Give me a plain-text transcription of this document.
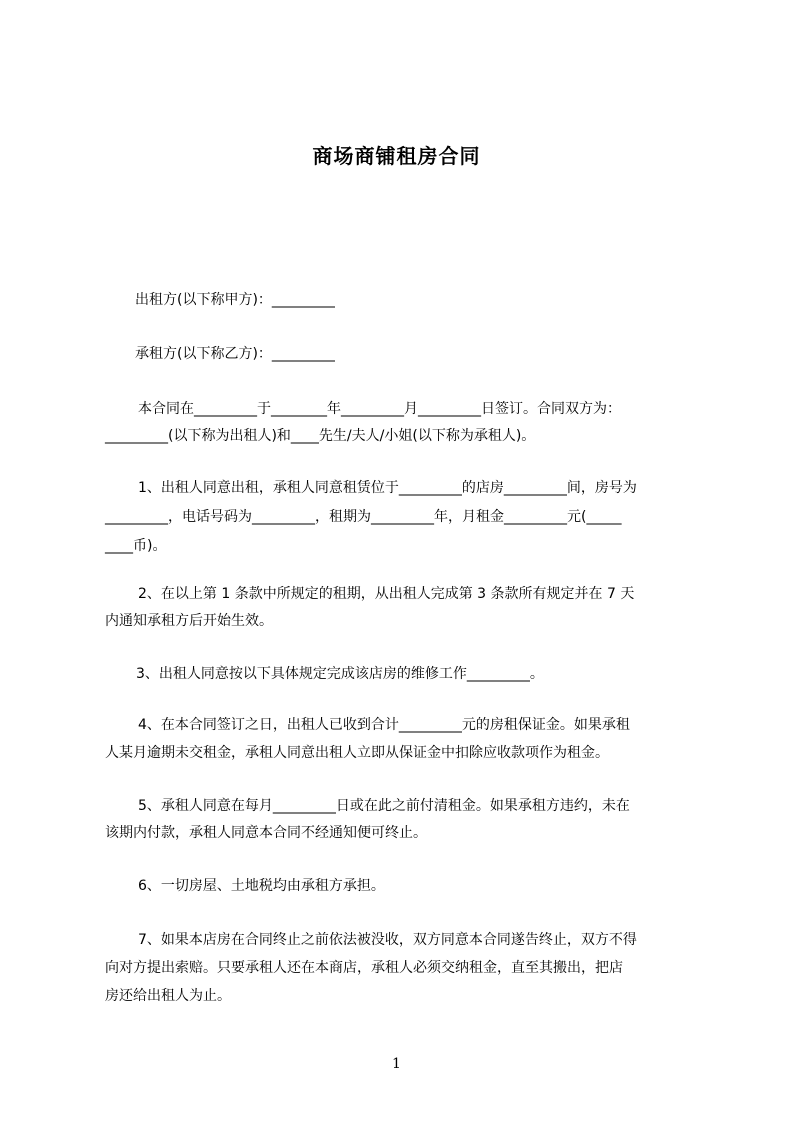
商场商铺租房合同

出租方(以下称甲方)：_________

承租方(以下称乙方)：_________

本合同在_________于________年_________月_________日签订。合同双方为：

_________(以下称为出租人)和____先生/夫人/小姐(以下称为承租人)。

1、出租人同意出租，承租人同意租赁位于_________的店房_________间，房号为

_________，电话号码为_________，租期为_________年，月租金_________元(_____

____币)。

2、在以上第 1 条款中所规定的租期，从出租人完成第 3 条款所有规定并在 7 天

内通知承租方后开始生效。

3、出租人同意按以下具体规定完成该店房的维修工作_________。

4、在本合同签订之日，出租人已收到合计_________元的房租保证金。如果承租

人某月逾期未交租金，承租人同意出租人立即从保证金中扣除应收款项作为租金。

5、承租人同意在每月_________日或在此之前付清租金。如果承租方违约，未在

该期内付款，承租人同意本合同不经通知便可终止。

6、一切房屋、土地税均由承租方承担。

7、如果本店房在合同终止之前依法被没收，双方同意本合同遂告终止，双方不得

向对方提出索赔。只要承租人还在本商店，承租人必须交纳租金，直至其搬出，把店

房还给出租人为止。

1
